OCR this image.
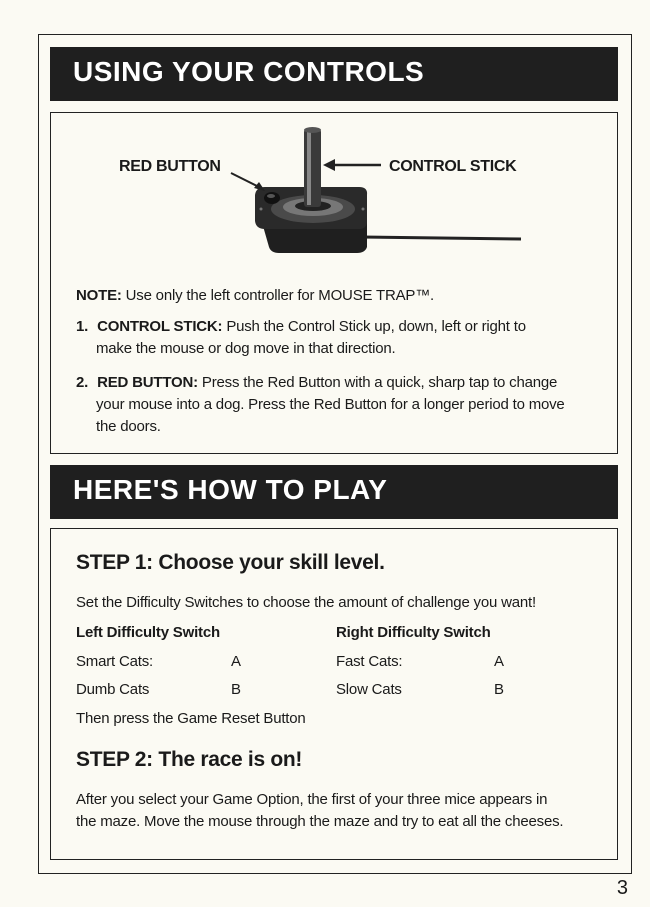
USING YOUR CONTROLS
RED BUTTON	CONTROL STICK
NOTE: Use only the left controller for MOUSE TRAP™.
1. CONTROL STICK: Push the Control Stick up, down, left or right to
make the mouse or dog move in that direction.
2. RED BUTTON: Press the Red Button with a quick, sharp tap to change
your mouse into a dog. Press the Red Button for a longer period to move
the doors.
HERE'S HOW TO PLAY
STEP 1: Choose your skill level.
Set the Difficulty Switches to choose the amount of challenge you want!
Left Difficulty Switch	Right Difficulty Switch
Smart Cats:	A	Fast Cats:	A
Dumb Cats	B	Slow Cats	B
Then press the Game Reset Button
STEP 2: The race is on!
After you select your Game Option, the first of your three mice appears in
the maze. Move the mouse through the maze and try to eat all the cheeses.
3
